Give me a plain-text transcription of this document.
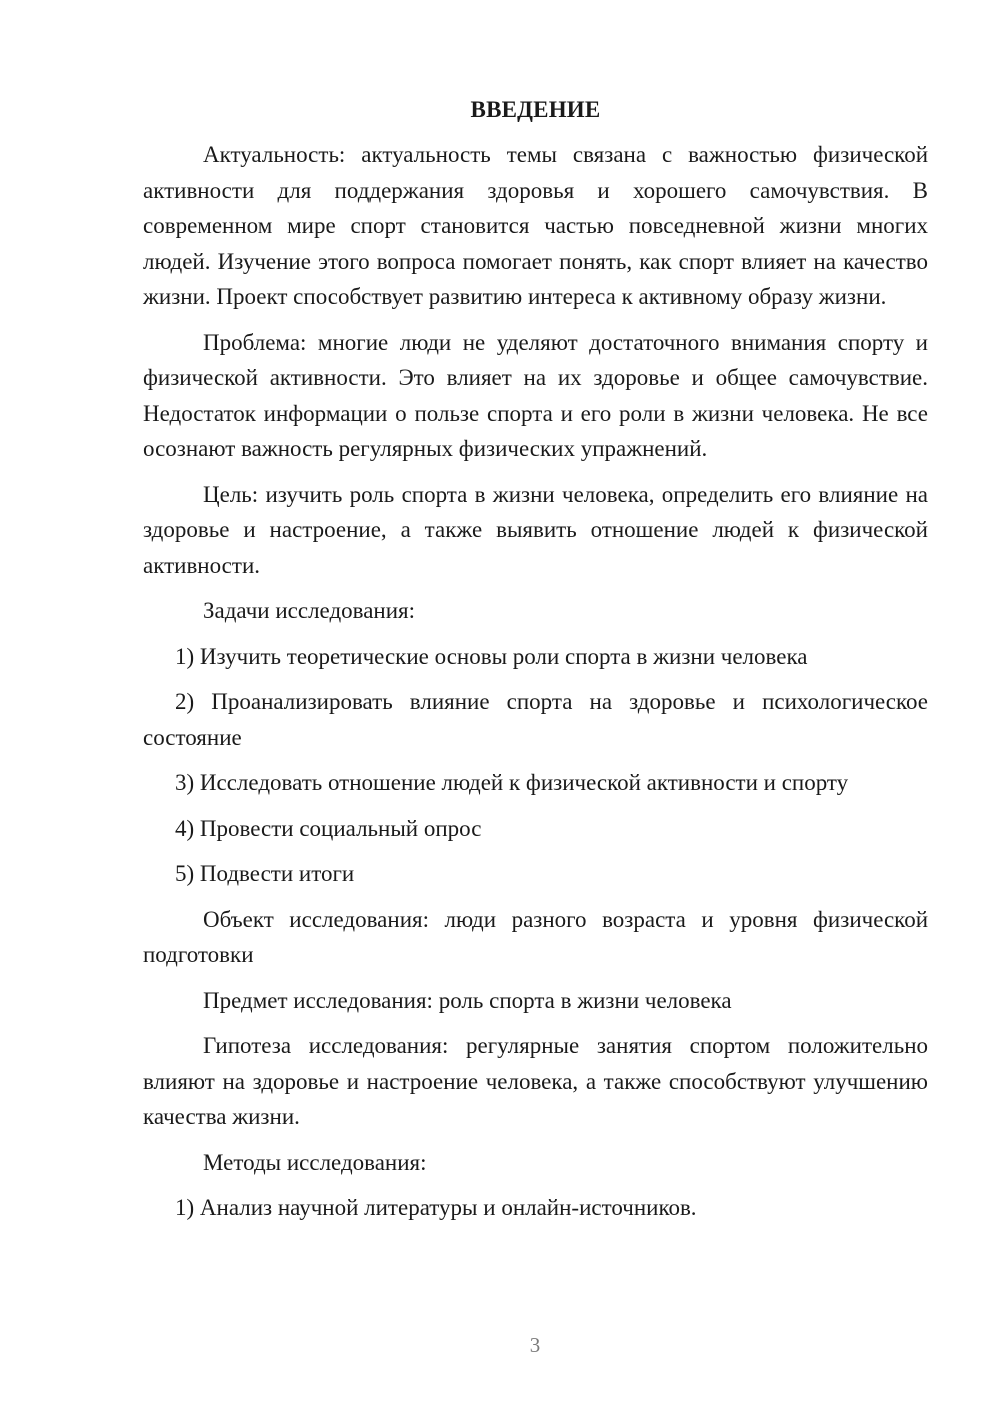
ВВЕДЕНИЕ

Актуальность: актуальность темы связана с важностью физической активности для поддержания здоровья и хорошего самочувствия. В современном мире спорт становится частью повседневной жизни многих людей. Изучение этого вопроса помогает понять, как спорт влияет на качество жизни. Проект способствует развитию интереса к активному образу жизни.

Проблема: многие люди не уделяют достаточного внимания спорту и физической активности. Это влияет на их здоровье и общее самочувствие. Недостаток информации о пользе спорта и его роли в жизни человека. Не все осознают важность регулярных физических упражнений.

Цель: изучить роль спорта в жизни человека, определить его влияние на здоровье и настроение, а также выявить отношение людей к физической активности.

Задачи исследования:

1) Изучить теоретические основы роли спорта в жизни человека

2) Проанализировать влияние спорта на здоровье и психологическое состояние

3) Исследовать отношение людей к физической активности и спорту

4) Провести социальный опрос

5) Подвести итоги

Объект исследования: люди разного возраста и уровня физической подготовки

Предмет исследования: роль спорта в жизни человека

Гипотеза исследования: регулярные занятия спортом положительно влияют на здоровье и настроение человека, а также способствуют улучшению качества жизни.

Методы исследования:

1) Анализ научной литературы и онлайн-источников.

3
